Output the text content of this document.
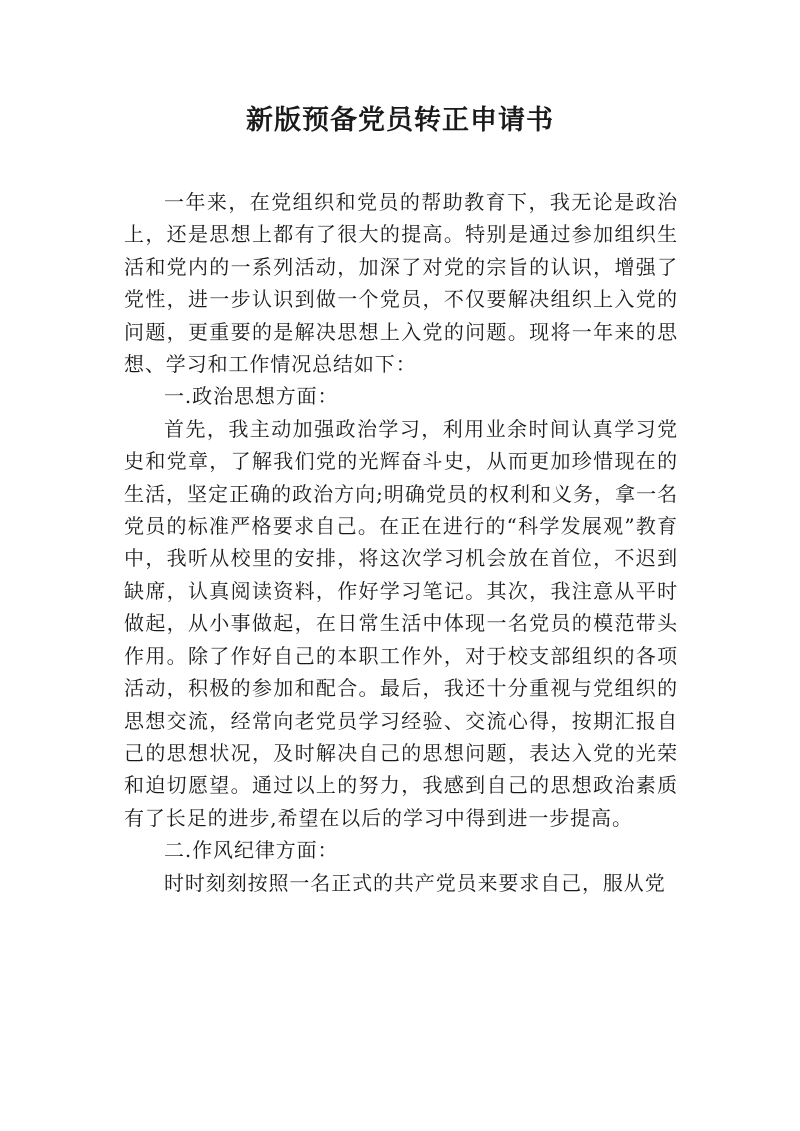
新版预备党员转正申请书

一年来，在党组织和党员的帮助教育下，我无论是政治上，还是思想上都有了很大的提高。特别是通过参加组织生活和党内的一系列活动，加深了对党的宗旨的认识，增强了党性，进一步认识到做一个党员，不仅要解决组织上入党的问题，更重要的是解决思想上入党的问题。现将一年来的思想、学习和工作情况总结如下：

一.政治思想方面：

首先，我主动加强政治学习，利用业余时间认真学习党史和党章，了解我们党的光辉奋斗史，从而更加珍惜现在的生活，坚定正确的政治方向;明确党员的权利和义务，拿一名党员的标准严格要求自己。在正在进行的“科学发展观”教育中，我听从校里的安排，将这次学习机会放在首位，不迟到缺席，认真阅读资料，作好学习笔记。其次，我注意从平时做起，从小事做起，在日常生活中体现一名党员的模范带头作用。除了作好自己的本职工作外，对于校支部组织的各项活动，积极的参加和配合。最后，我还十分重视与党组织的思想交流，经常向老党员学习经验、交流心得，按期汇报自己的思想状况，及时解决自己的思想问题，表达入党的光荣和迫切愿望。通过以上的努力，我感到自己的思想政治素质有了长足的进步,希望在以后的学习中得到进一步提高。

二.作风纪律方面：

时时刻刻按照一名正式的共产党员来要求自己，服从党
